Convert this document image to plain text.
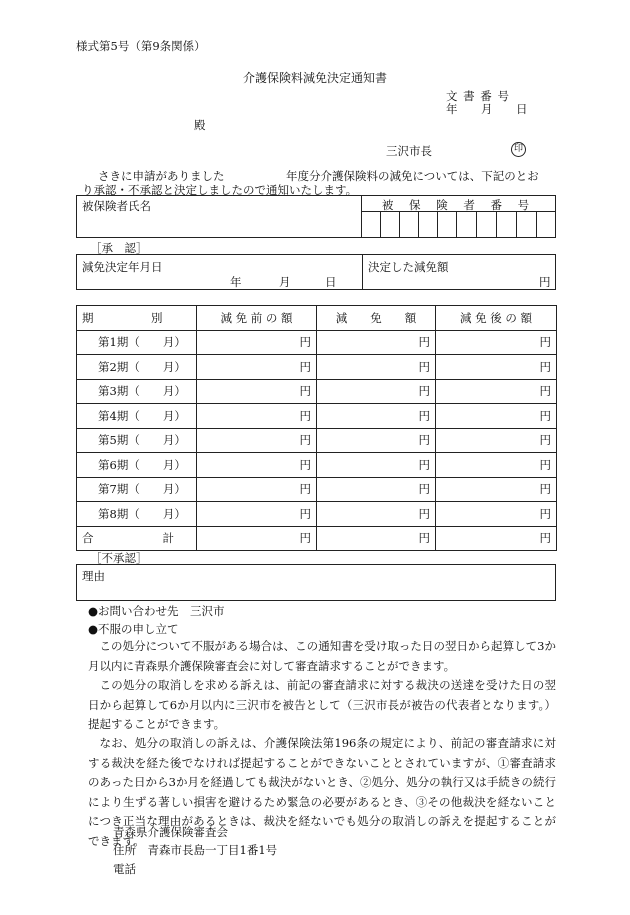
様式第5号（第9条関係）
介護保険料減免決定通知書
文 書 番 号
年 月 日
殿
三沢市長	印
さきに申請がありました	年度分介護保険料の減免については、下記のとお
り承認・不承認と決定しましたので通知いたします。
被保険者氏名	被 保 険 者 番 号
［承　認］
減免決定年月日
年	月	日
決定した減免額
円
期　　　　　別	減 免 前 の 額	減　　免　　額	減 免 後 の 額
第1期（　　月）	円	円	円
第2期（　　月）	円	円	円
第3期（　　月）	円	円	円
第4期（　　月）	円	円	円
第5期（　　月）	円	円	円
第6期（　　月）	円	円	円
第7期（　　月）	円	円	円
第8期（　　月）	円	円	円
合　　　　　　計	円	円	円
［不承認］
理由
●お問い合わせ先　三沢市
●不服の申し立て
この処分について不服がある場合は、この通知書を受け取った日の翌日から起算して3か月以内に青森県介護保険審査会に対して審査請求することができます。
この処分の取消しを求める訴えは、前記の審査請求に対する裁決の送達を受けた日の翌日から起算して6か月以内に三沢市を被告として（三沢市長が被告の代表者となります。）提起することができます。
なお、処分の取消しの訴えは、介護保険法第196条の規定により、前記の審査請求に対する裁決を経た後でなければ提起することができないこととされていますが、①審査請求のあった日から3か月を経過しても裁決がないとき、②処分、処分の執行又は手続きの続行により生ずる著しい損害を避けるため緊急の必要があるとき、③その他裁決を経ないことにつき正当な理由があるときは、裁決を経ないでも処分の取消しの訴えを提起することができます。
青森県介護保険審査会
住所　青森市長島一丁目1番1号
電話
